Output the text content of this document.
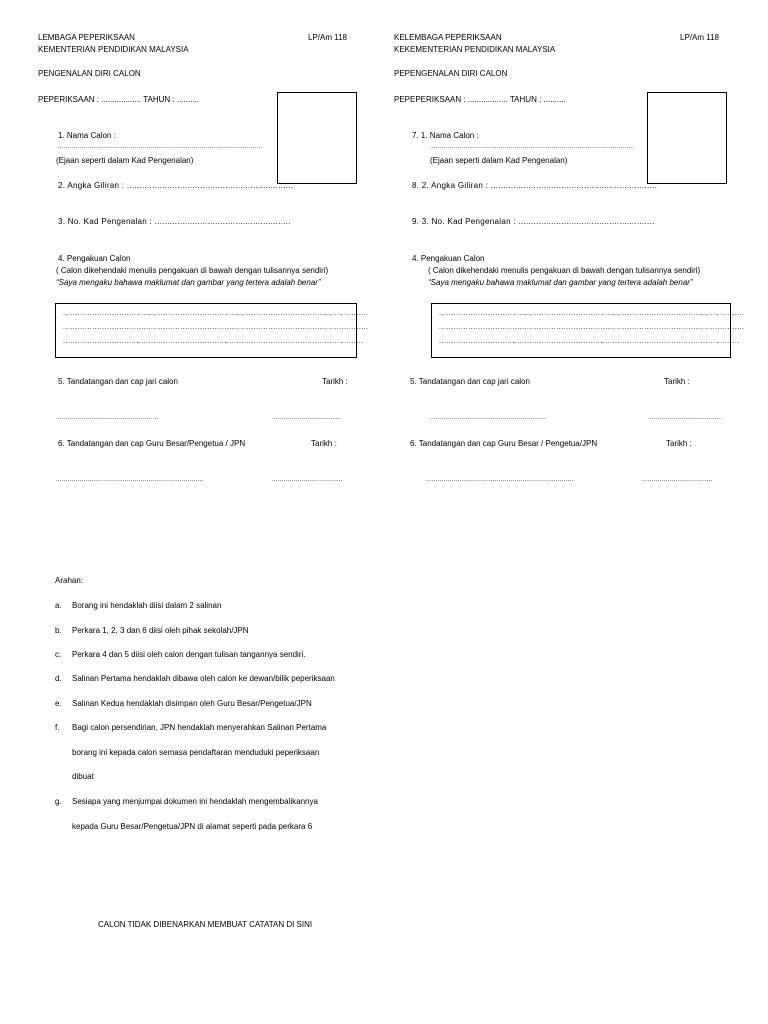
LEMBAGA PEPERIKSAAN
KEMENTERIAN PENDIDIKAN MALAYSIA
LP/Am 118
PENGENALAN DIRI CALON
PEPERIKSAAN : .................. TAHUN : ..........
1. Nama Calon :
........................................................................................................
(Ejaan seperti dalam Kad Pengenalan)
2. Angka Giliran : ..................................................................
3. No. Kad Pengenalan : ......................................................
4. Pengakuan Calon
( Calon dikehendaki menulis pengakuan di bawah dengan tulisannya sendiri)
“Saya mengaku bahawa maklumat dan gambar yang tertera adalah benar”
.............................................................................................................................
.............................................................................................................................
...........................................................................................................................
5. Tandatangan dan cap jari calon	Tarikh :
....................................................	...................................
6. Tandatangan dan cap Guru Besar/Pengetua / JPN	Tarikh :
...........................................................................	....................................
KELEMBAGA PEPERIKSAAN
KEKEMENTERIAN PENDIDIKAN MALAYSIA
LP/Am 118
PEPENGENALAN DIRI CALON
PEPEPERIKSAAN : .................. TAHUN : ..........
7. 1. Nama Calon :
........................................................................................................
(Ejaan seperti dalam Kad Pengenalan)
8. 2. Angka Giliran : ..................................................................
9. 3. No. Kad Pengenalan : ......................................................
4. Pengakuan Calon
( Calon dikehendaki menulis pengakuan di bawah dengan tulisannya sendiri)
“Saya mengaku bahawa maklumat dan gambar yang tertera adalah benar”
.............................................................................................................................
.............................................................................................................................
...........................................................................................................................
5. Tandatangan dan cap jari calon	Tarikh :
...........................................................	......................................
6. Tandatangan dan cap Guru Besar / Pengetua/JPN	Tarikh :
...........................................................................	....................................
Arahan:
a. Borang ini hendaklah diisi dalam 2 salinan
b. Perkara 1, 2, 3 dan 6 diisi oleh pihak sekolah/JPN
c. Perkara 4 dan 5 diisi oleh calon dengan tulisan tangannya sendiri.
d. Salinan Pertama hendaklah dibawa oleh calon ke dewan/bilik peperiksaan
e. Salinan Kedua hendaklah disimpan oleh Guru Besar/Pengetua/JPN
f. Bagi calon persendirian, JPN hendaklah menyerahkan Salinan Pertama
borang ini kepada calon semasa pendaftaran menduduki peperiksaan
dibuat
g. Sesiapa yang menjumpai dokumen ini hendaklah mengembalikannya
kepada Guru Besar/Pengetua/JPN di alamat seperti pada perkara 6
CALON TIDAK DIBENARKAN MEMBUAT CATATAN DI SINI
